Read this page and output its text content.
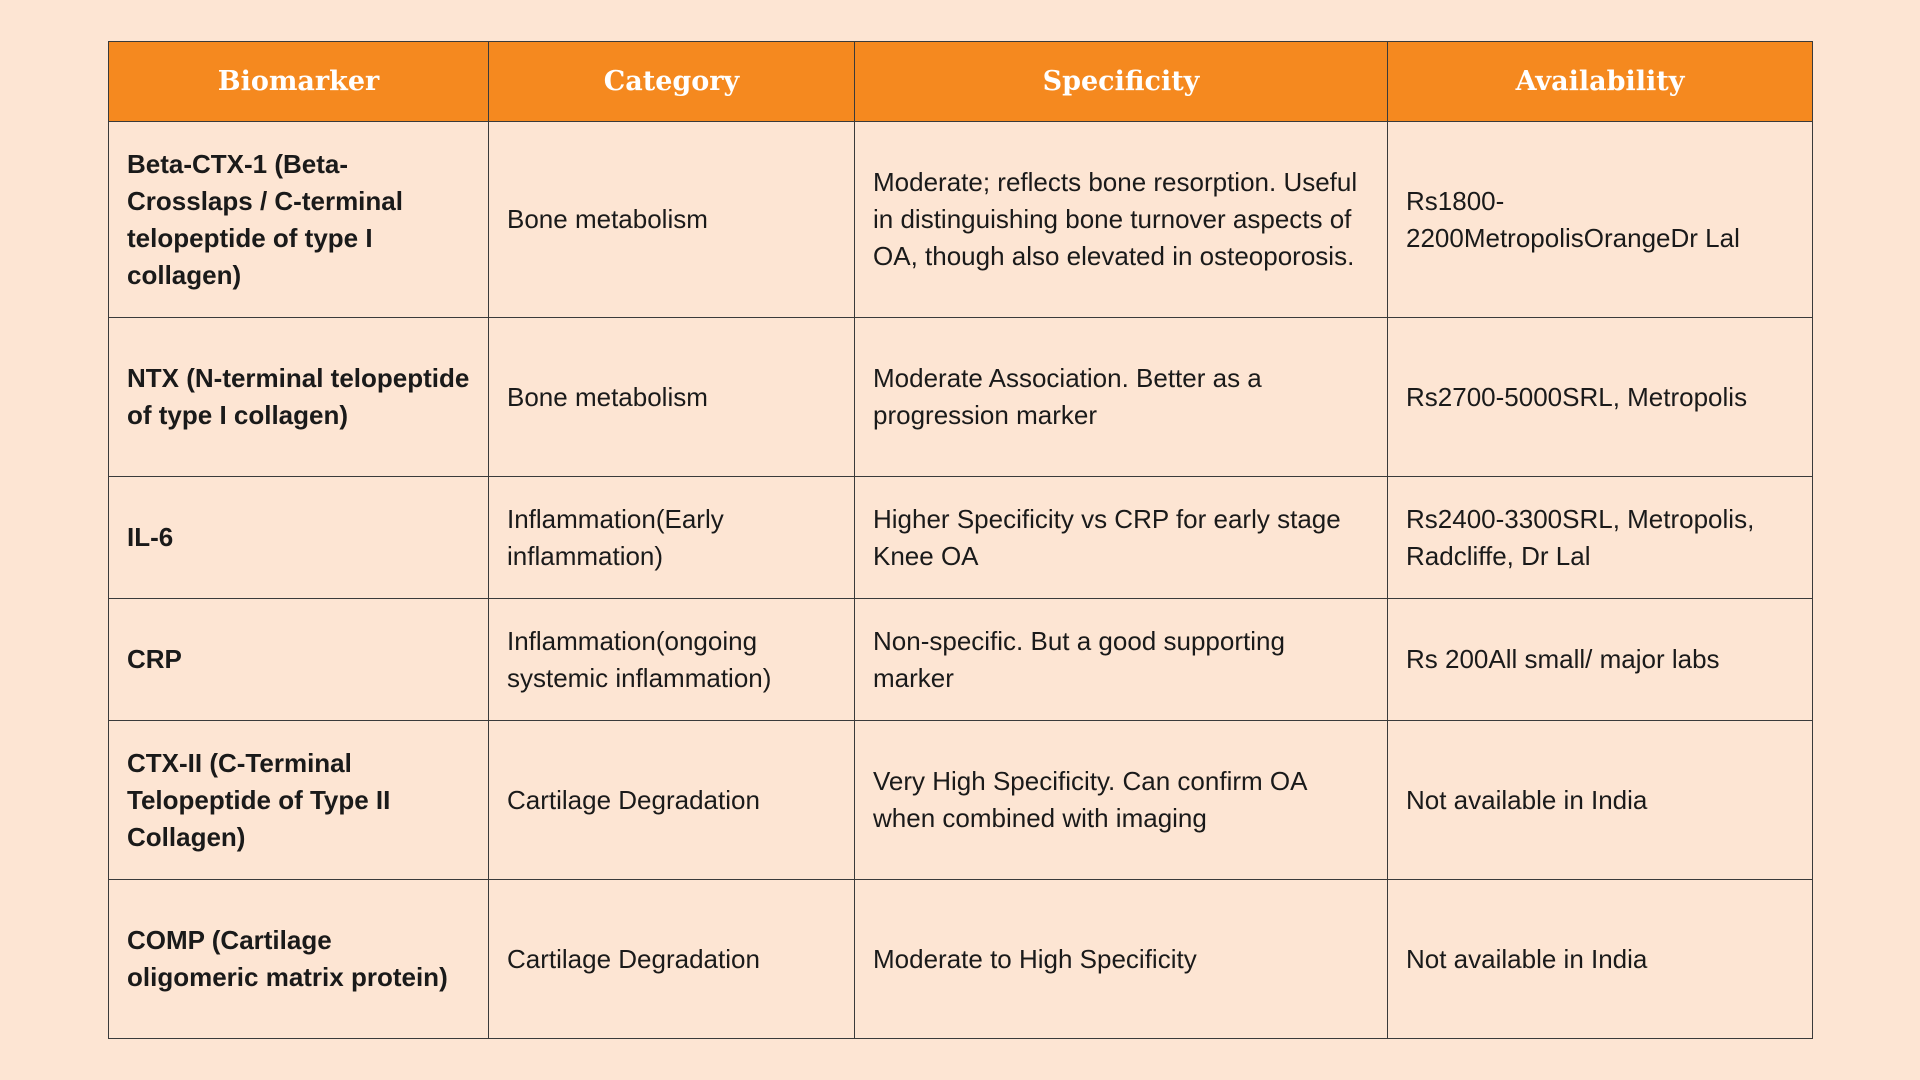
Biomarker	Category	Specificity	Availability
Beta-CTX-1 (Beta-Crosslaps / C-terminal telopeptide of type I collagen)	Bone metabolism	Moderate; reflects bone resorption. Useful in distinguishing bone turnover aspects of OA, though also elevated in osteoporosis.	Rs1800-2200MetropolisOrangeDr Lal
NTX (N-terminal telopeptide of type I collagen)	Bone metabolism	Moderate Association. Better as a progression marker	Rs2700-5000SRL, Metropolis
IL-6	Inflammation(Early inflammation)	Higher Specificity vs CRP for early stage Knee OA	Rs2400-3300SRL, Metropolis, Radcliffe, Dr Lal
CRP	Inflammation(ongoing systemic inflammation)	Non-specific. But a good supporting marker	Rs 200All small/ major labs
CTX-II (C-Terminal Telopeptide of Type II Collagen)	Cartilage Degradation	Very High Specificity. Can confirm OA when combined with imaging	Not available in India
COMP (Cartilage oligomeric matrix protein)	Cartilage Degradation	Moderate to High Specificity	Not available in India
